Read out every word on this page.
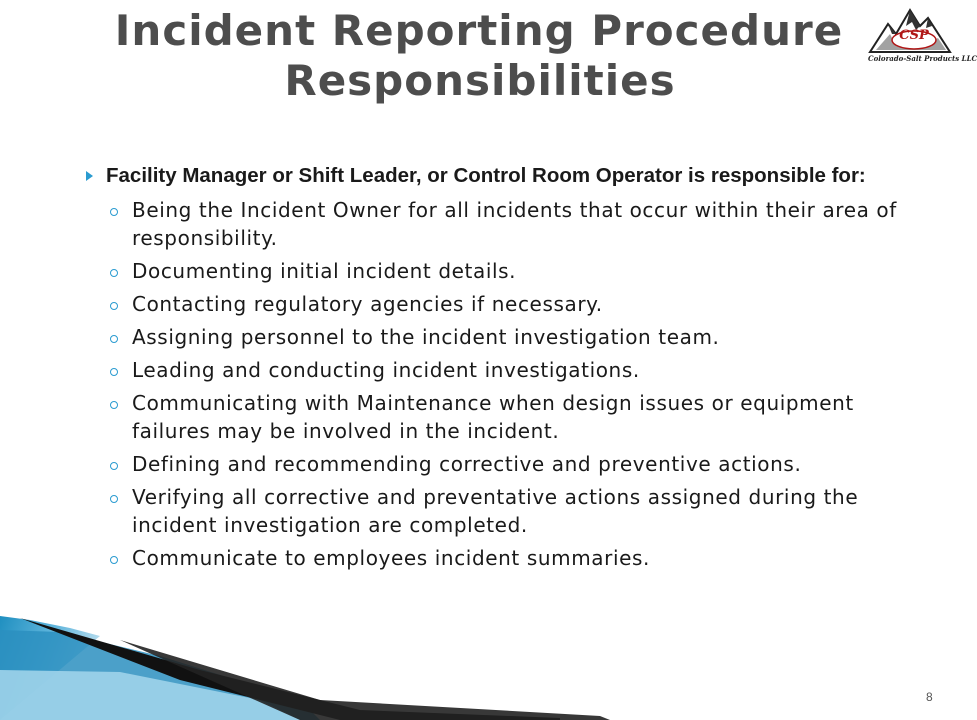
Incident Reporting Procedure
Responsibilities
CSP
Colorado-Salt Products LLC
Facility Manager or Shift Leader, or Control Room Operator is responsible for:
Being the Incident Owner for all incidents that occur within their area of responsibility.
Documenting initial incident details.
Contacting regulatory agencies if necessary.
Assigning personnel to the incident investigation team.
Leading and conducting incident investigations.
Communicating with Maintenance when design issues or equipment failures may be involved in the incident.
Defining and recommending corrective and preventive actions.
Verifying all corrective and preventative actions assigned during the incident investigation are completed.
Communicate to employees incident summaries.
8
